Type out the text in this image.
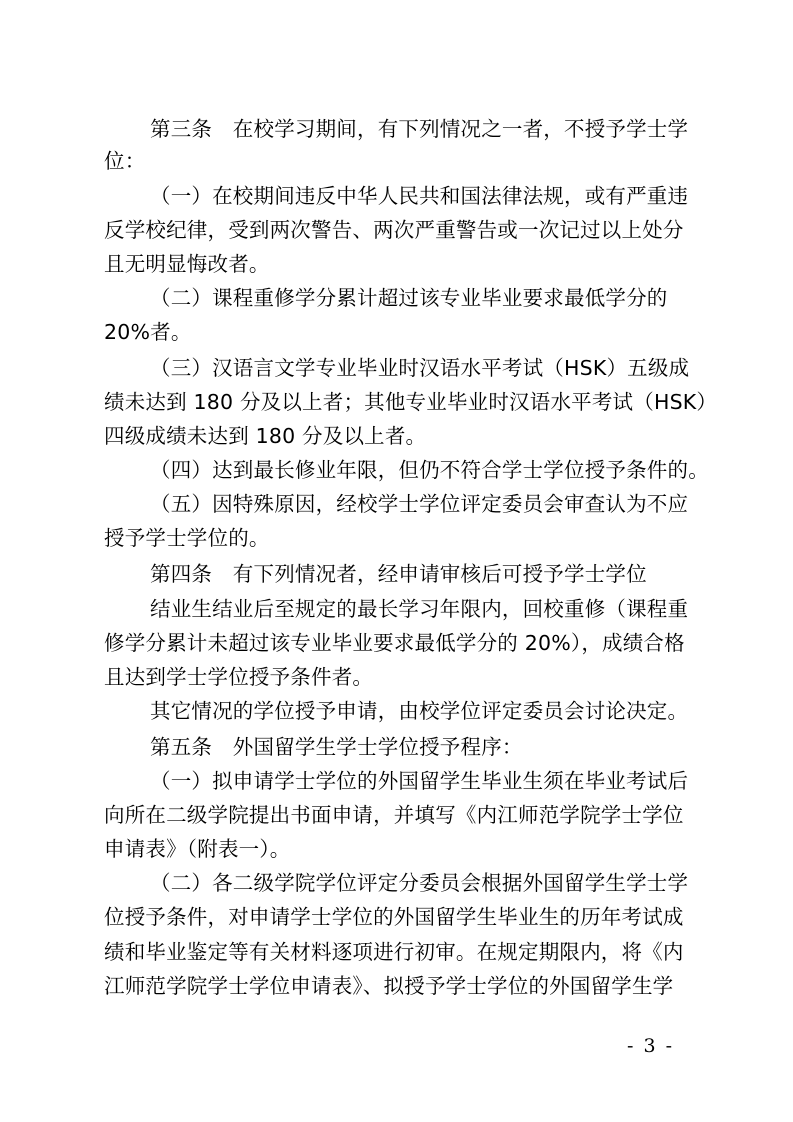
第三条　在校学习期间，有下列情况之一者，不授予学士学
位：
（一）在校期间违反中华人民共和国法律法规，或有严重违
反学校纪律，受到两次警告、两次严重警告或一次记过以上处分
且无明显悔改者。
（二）课程重修学分累计超过该专业毕业要求最低学分的
20%者。
（三）汉语言文学专业毕业时汉语水平考试（HSK）五级成
绩未达到 180 分及以上者；其他专业毕业时汉语水平考试（HSK）
四级成绩未达到 180 分及以上者。
（四）达到最长修业年限，但仍不符合学士学位授予条件的。
（五）因特殊原因，经校学士学位评定委员会审查认为不应
授予学士学位的。
第四条　有下列情况者，经申请审核后可授予学士学位
结业生结业后至规定的最长学习年限内，回校重修（课程重
修学分累计未超过该专业毕业要求最低学分的 20%），成绩合格
且达到学士学位授予条件者。
其它情况的学位授予申请，由校学位评定委员会讨论决定。
第五条　外国留学生学士学位授予程序：
（一）拟申请学士学位的外国留学生毕业生须在毕业考试后
向所在二级学院提出书面申请，并填写《内江师范学院学士学位
申请表》（附表一）。
（二）各二级学院学位评定分委员会根据外国留学生学士学
位授予条件，对申请学士学位的外国留学生毕业生的历年考试成
绩和毕业鉴定等有关材料逐项进行初审。在规定期限内，将《内
江师范学院学士学位申请表》、拟授予学士学位的外国留学生学
- 3 -
